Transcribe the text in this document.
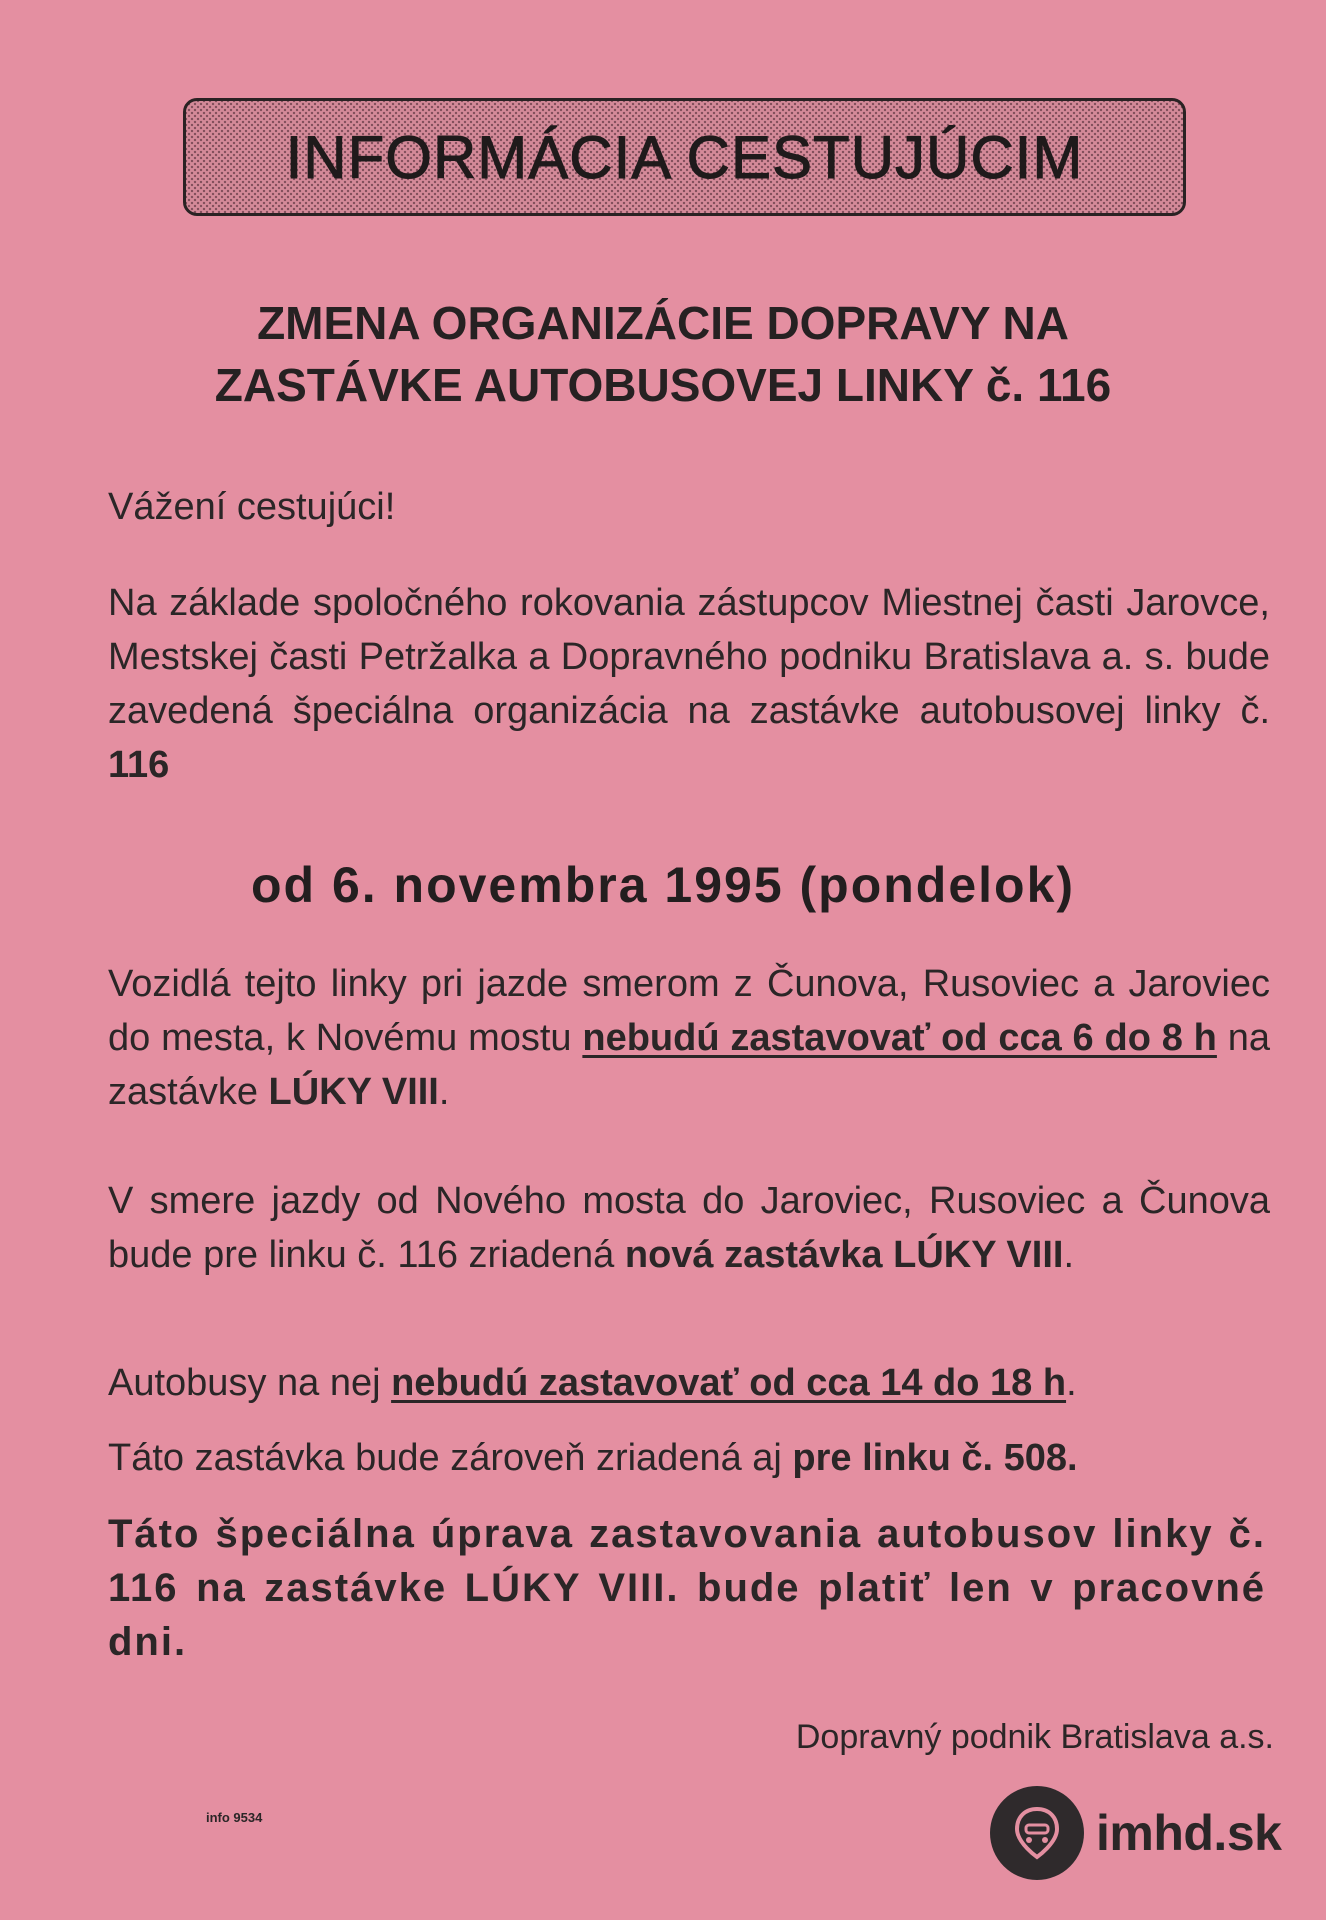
INFORMÁCIA CESTUJÚCIM
ZMENA ORGANIZÁCIE DOPRAVY NA
ZASTÁVKE AUTOBUSOVEJ LINKY č. 116
Vážení cestujúci!
Na základe spoločného rokovania zástupcov Miestnej časti Jarovce, Mestskej časti Petržalka a Dopravného podniku Bratislava a. s. bude zavedená špeciálna organizácia na zastávke autobusovej linky č. 116
od 6. novembra 1995 (pondelok)
Vozidlá tejto linky pri jazde smerom z Čunova, Rusoviec a Jaroviec do mesta, k Novému mostu nebudú zastavovať od cca 6 do 8 h na zastávke LÚKY VIII.
V smere jazdy od Nového mosta do Jaroviec, Rusoviec a Čunova bude pre linku č. 116 zriadená nová zastávka LÚKY VIII.
Autobusy na nej nebudú zastavovať od cca 14 do 18 h.
Táto zastávka bude zároveň zriadená aj pre linku č. 508.
Táto špeciálna úprava zastavovania autobusov linky č. 116 na zastávke LÚKY VIII. bude platiť len v pracovné dni.
Dopravný podnik Bratislava a.s.
info 9534	imhd.sk
